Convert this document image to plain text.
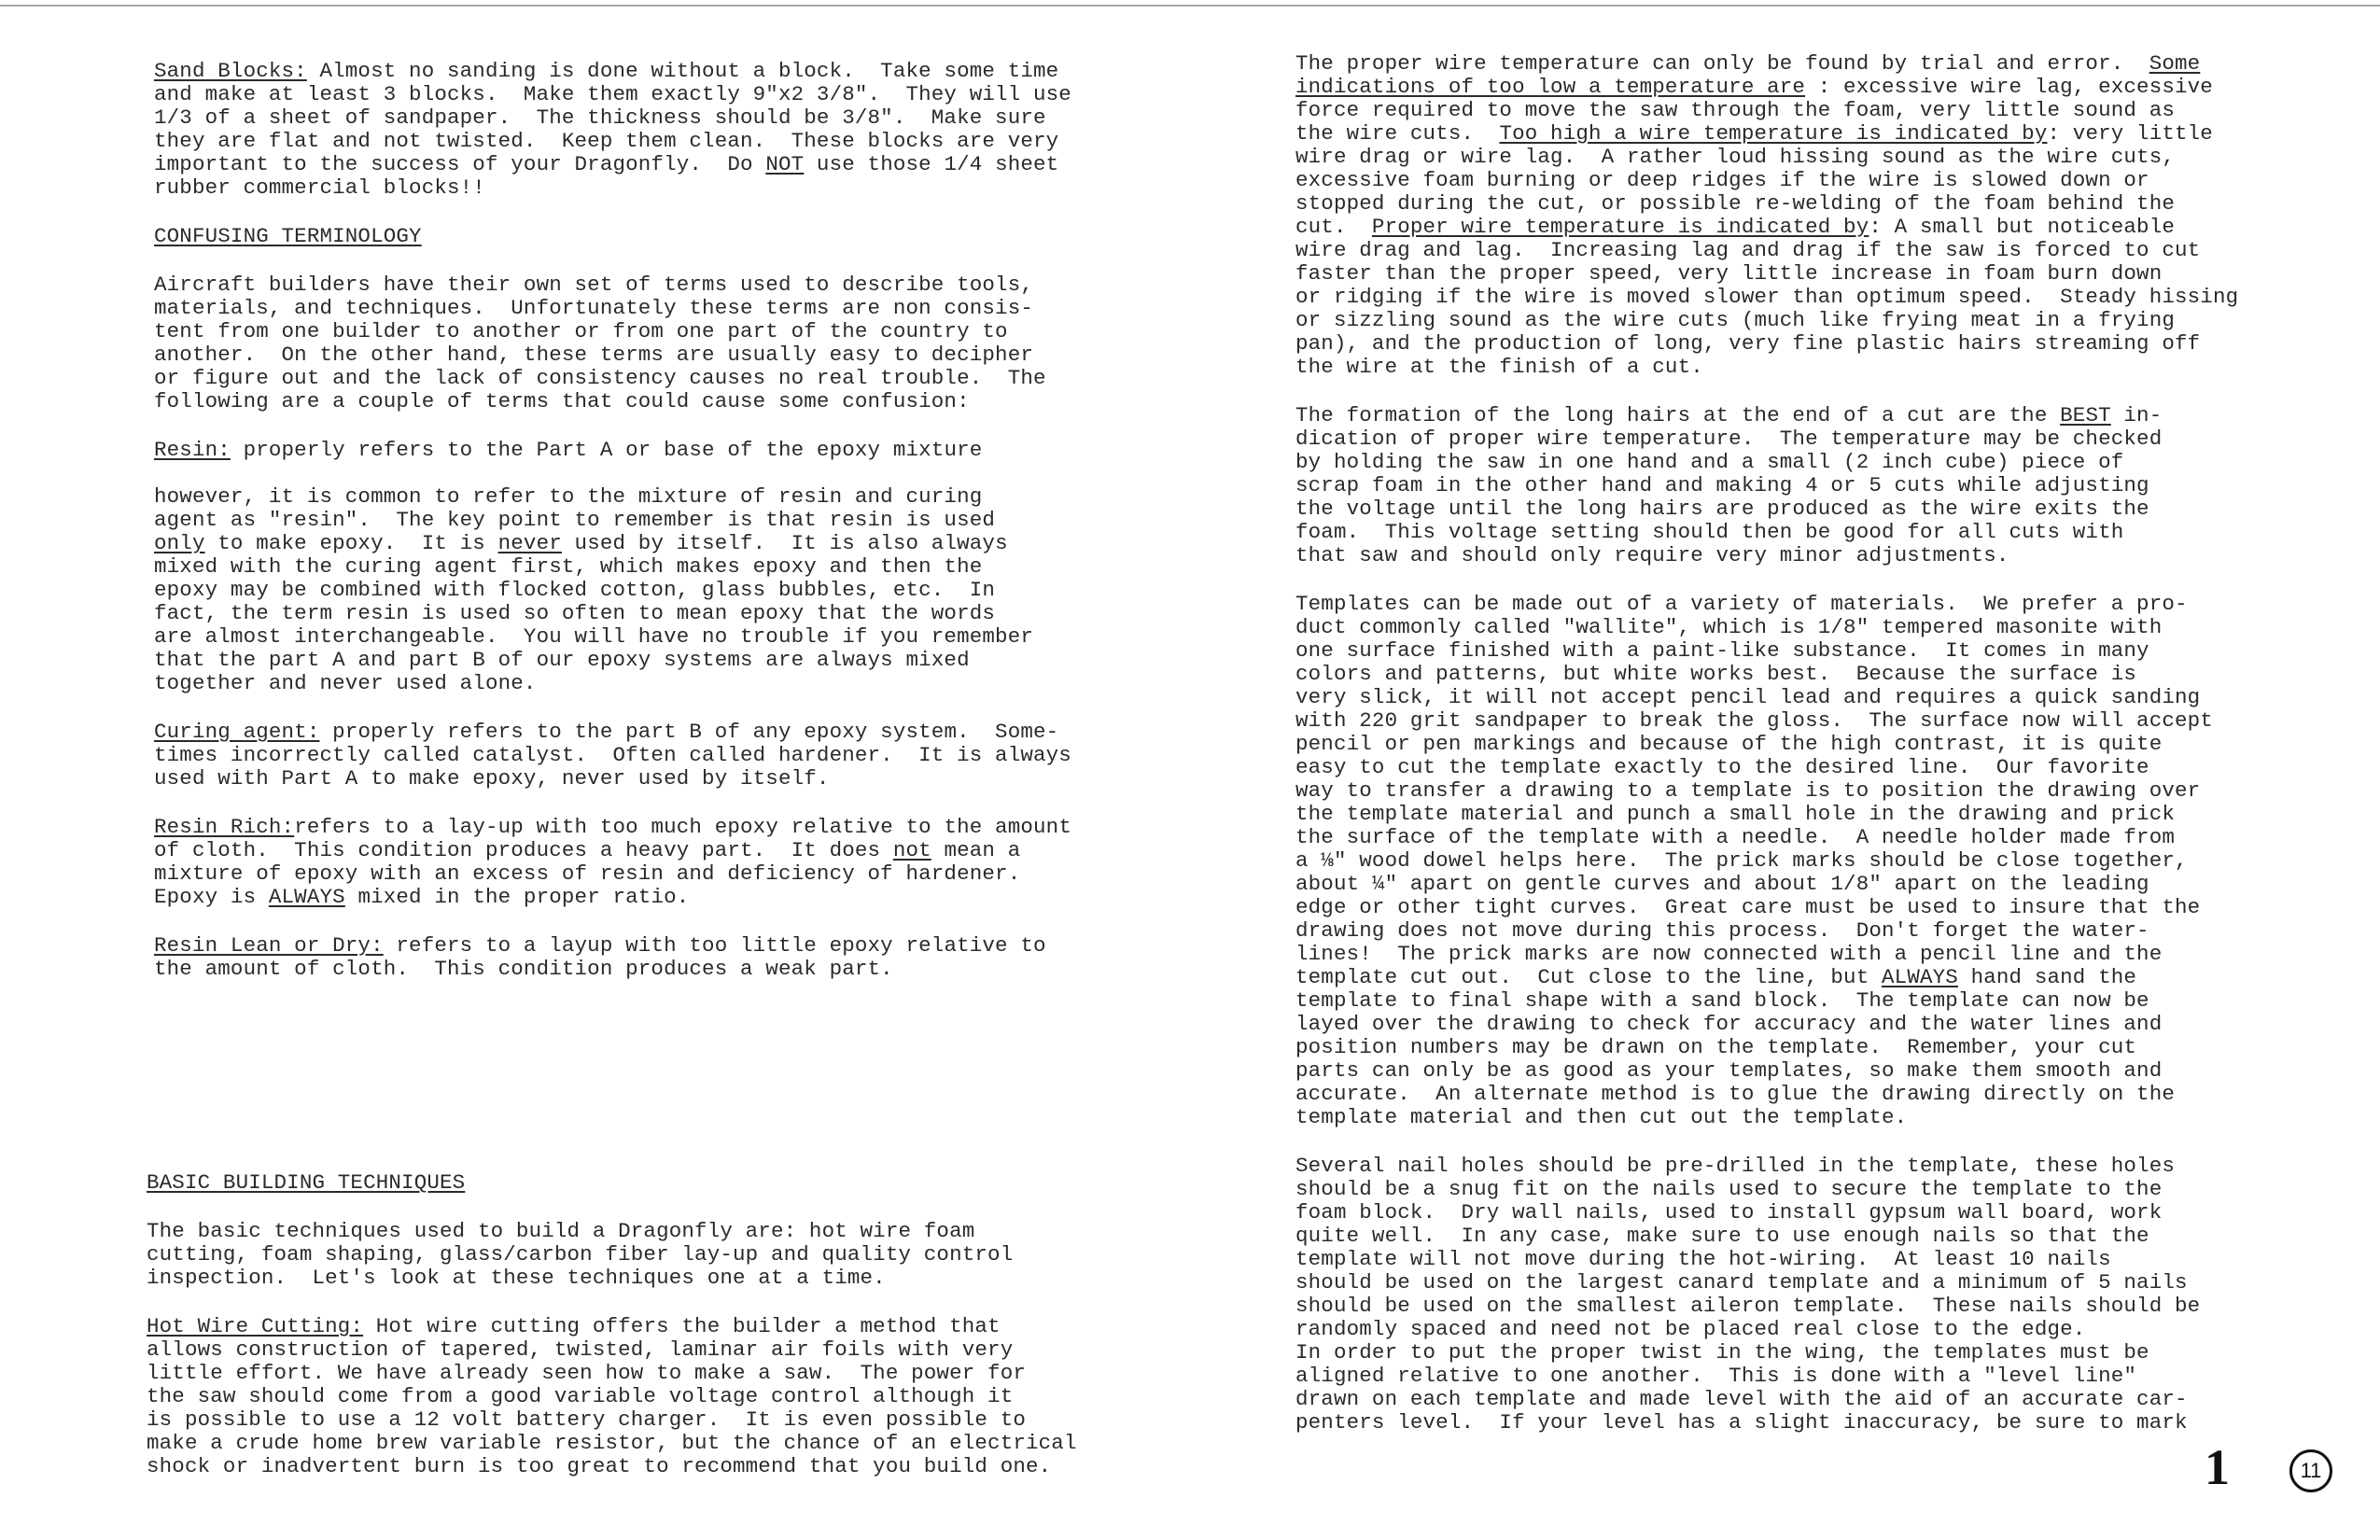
Sand Blocks: Almost no sanding is done without a block.  Take some time
and make at least 3 blocks.  Make them exactly 9"x2 3/8".  They will use
1/3 of a sheet of sandpaper.  The thickness should be 3/8".  Make sure
they are flat and not twisted.  Keep them clean.  These blocks are very
important to the success of your Dragonfly.  Do NOT use those 1/4 sheet
rubber commercial blocks!!

CONFUSING TERMINOLOGY

Aircraft builders have their own set of terms used to describe tools,
materials, and techniques.  Unfortunately these terms are non consis-
tent from one builder to another or from one part of the country to
another.  On the other hand, these terms are usually easy to decipher
or figure out and the lack of consistency causes no real trouble.  The
following are a couple of terms that could cause some confusion:

Resin: properly refers to the Part A or base of the epoxy mixture

however, it is common to refer to the mixture of resin and curing
agent as "resin".  The key point to remember is that resin is used
only to make epoxy.  It is never used by itself.  It is also always
mixed with the curing agent first, which makes epoxy and then the
epoxy may be combined with flocked cotton, glass bubbles, etc.  In
fact, the term resin is used so often to mean epoxy that the words
are almost interchangeable.  You will have no trouble if you remember
that the part A and part B of our epoxy systems are always mixed
together and never used alone.

Curing agent: properly refers to the part B of any epoxy system.  Some-
times incorrectly called catalyst.  Often called hardener.  It is always
used with Part A to make epoxy, never used by itself.

Resin Rich:refers to a lay-up with too much epoxy relative to the amount
of cloth.  This condition produces a heavy part.  It does not mean a
mixture of epoxy with an excess of resin and deficiency of hardener.
Epoxy is ALWAYS mixed in the proper ratio.

Resin Lean or Dry: refers to a layup with too little epoxy relative to
the amount of cloth.  This condition produces a weak part.

BASIC BUILDING TECHNIQUES

The basic techniques used to build a Dragonfly are: hot wire foam
cutting, foam shaping, glass/carbon fiber lay-up and quality control
inspection.  Let's look at these techniques one at a time.

Hot Wire Cutting: Hot wire cutting offers the builder a method that
allows construction of tapered, twisted, laminar air foils with very
little effort. We have already seen how to make a saw.  The power for
the saw should come from a good variable voltage control although it
is possible to use a 12 volt battery charger.  It is even possible to
make a crude home brew variable resistor, but the chance of an electrical
shock or inadvertent burn is too great to recommend that you build one.

The proper wire temperature can only be found by trial and error.  Some
indications of too low a temperature are : excessive wire lag, excessive
force required to move the saw through the foam, very little sound as
the wire cuts.  Too high a wire temperature is indicated by: very little
wire drag or wire lag.  A rather loud hissing sound as the wire cuts,
excessive foam burning or deep ridges if the wire is slowed down or
stopped during the cut, or possible re-welding of the foam behind the
cut.  Proper wire temperature is indicated by: A small but noticeable
wire drag and lag.  Increasing lag and drag if the saw is forced to cut
faster than the proper speed, very little increase in foam burn down
or ridging if the wire is moved slower than optimum speed.  Steady hissing
or sizzling sound as the wire cuts (much like frying meat in a frying
pan), and the production of long, very fine plastic hairs streaming off
the wire at the finish of a cut.

The formation of the long hairs at the end of a cut are the BEST in-
dication of proper wire temperature.  The temperature may be checked
by holding the saw in one hand and a small (2 inch cube) piece of
scrap foam in the other hand and making 4 or 5 cuts while adjusting
the voltage until the long hairs are produced as the wire exits the
foam.  This voltage setting should then be good for all cuts with
that saw and should only require very minor adjustments.

Templates can be made out of a variety of materials.  We prefer a pro-
duct commonly called "wallite", which is 1/8" tempered masonite with
one surface finished with a paint-like substance.  It comes in many
colors and patterns, but white works best.  Because the surface is
very slick, it will not accept pencil lead and requires a quick sanding
with 220 grit sandpaper to break the gloss.  The surface now will accept
pencil or pen markings and because of the high contrast, it is quite
easy to cut the template exactly to the desired line.  Our favorite
way to transfer a drawing to a template is to position the drawing over
the template material and punch a small hole in the drawing and prick
the surface of the template with a needle.  A needle holder made from
a ⅛" wood dowel helps here.  The prick marks should be close together,
about ¼" apart on gentle curves and about 1/8" apart on the leading
edge or other tight curves.  Great care must be used to insure that the
drawing does not move during this process.  Don't forget the water-
lines!  The prick marks are now connected with a pencil line and the
template cut out.  Cut close to the line, but ALWAYS hand sand the
template to final shape with a sand block.  The template can now be
layed over the drawing to check for accuracy and the water lines and
position numbers may be drawn on the template.  Remember, your cut
parts can only be as good as your templates, so make them smooth and
accurate.  An alternate method is to glue the drawing directly on the
template material and then cut out the template.

Several nail holes should be pre-drilled in the template, these holes
should be a snug fit on the nails used to secure the template to the
foam block.  Dry wall nails, used to install gypsum wall board, work
quite well.  In any case, make sure to use enough nails so that the
template will not move during the hot-wiring.  At least 10 nails
should be used on the largest canard template and a minimum of 5 nails
should be used on the smallest aileron template.  These nails should be
randomly spaced and need not be placed real close to the edge.
In order to put the proper twist in the wing, the templates must be
aligned relative to one another.  This is done with a "level line"
drawn on each template and made level with the aid of an accurate car-
penters level.  If your level has a slight inaccuracy, be sure to mark

1	11
